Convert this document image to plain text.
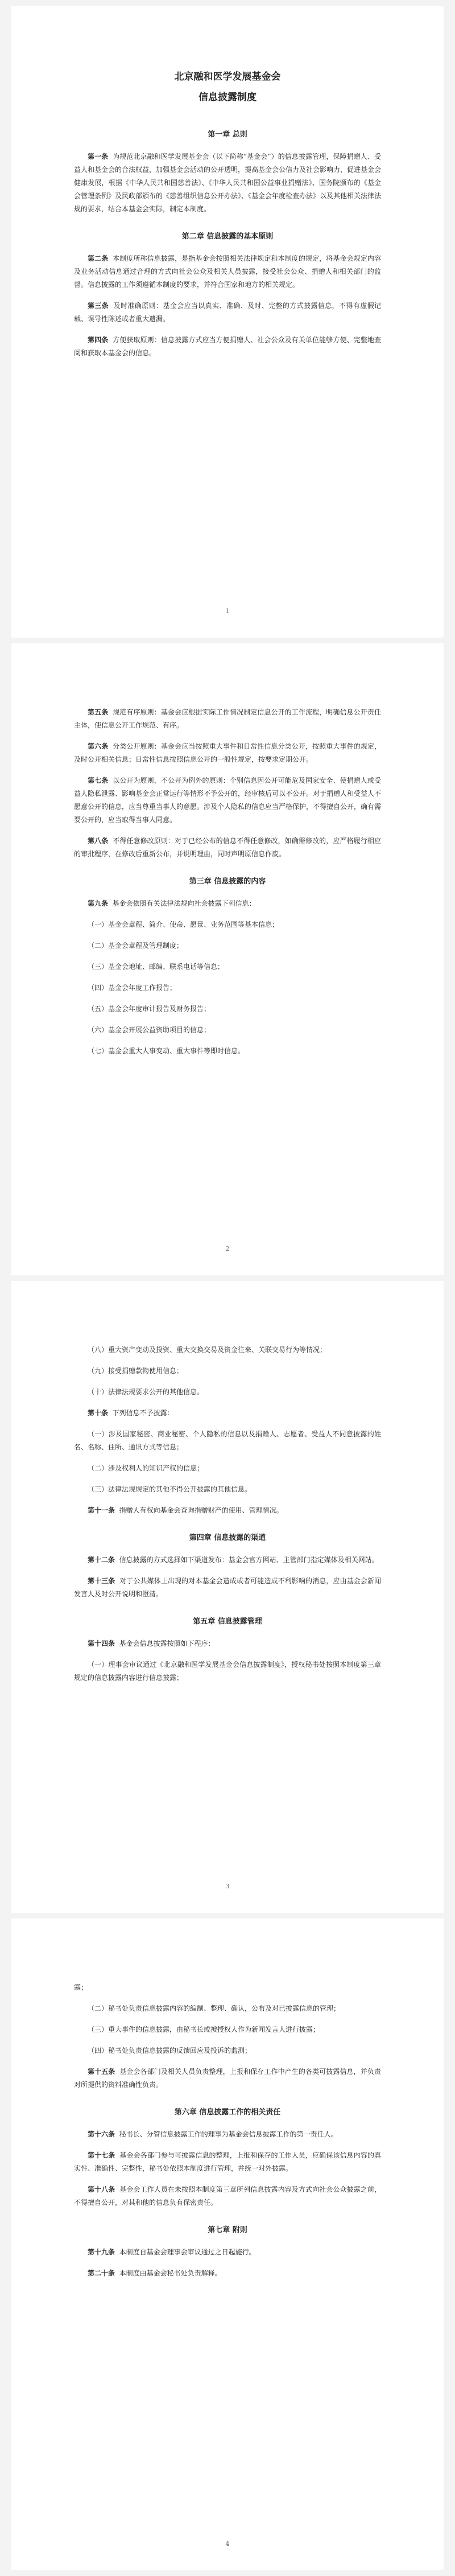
北京融和医学发展基金会
信息披露制度
第一章 总则

第一条 为规范北京融和医学发展基金会（以下简称“基金会”）的信息披露管理，保障捐赠人、受益人和基金会的合法权益，加强基金会活动的公开透明，提高基金会公信力及社会影响力，促进基金会健康发展，根据《中华人民共和国慈善法》、《中华人民共和国公益事业捐赠法》、国务院颁布的《基金会管理条例》及民政部颁布的《慈善组织信息公开办法》、《基金会年度检查办法》以及其他相关法律法规的要求，结合本基金会实际，制定本制度。

第二章 信息披露的基本原则

第二条 本制度所称信息披露，是指基金会按照相关法律规定和本制度的规定，将基金会规定内容及业务活动信息通过合理的方式向社会公众及相关人员披露，接受社会公众、捐赠人和相关部门的监督。信息披露的工作须遵循本制度的要求，并符合国家和地方的相关规定。

第三条 及时准确原则：基金会应当以真实、准确、及时、完整的方式披露信息，不得有虚假记载、误导性陈述或者重大遗漏。

第四条 方便获取原则：信息披露方式应当方便捐赠人、社会公众及有关单位能够方便、完整地查阅和获取本基金会的信息。

1

第五条 规范有序原则：基金会应根据实际工作情况制定信息公开的工作流程，明确信息公开责任主体，使信息公开工作规范、有序。

第六条 分类公开原则：基金会应当按照重大事件和日常性信息分类公开，按照重大事件的规定，及时公开相关信息；日常性信息按照信息公开的一般性规定，按要求定期公开。

第七条 以公开为原则，不公开为例外的原则：个别信息因公开可能危及国家安全、使捐赠人或受益人隐私泄露、影响基金会正常运行等情形不予公开的，经审核后可以不公开。对于捐赠人和受益人不愿意公开的信息，应当尊重当事人的意愿。涉及个人隐私的信息应当严格保护，不得擅自公开，确有需要公开的，应当取得当事人同意。

第八条 不得任意修改原则：对于已经公布的信息不得任意修改，如确需修改的，应严格履行相应的审批程序，在修改后重新公布，并说明理由，同时声明原信息作废。

第三章 信息披露的内容

第九条 基金会依照有关法律法规向社会披露下列信息：

（一）基金会章程、简介、使命、愿景、业务范围等基本信息；

（二）基金会章程及管理制度；

（三）基金会地址、邮编、联系电话等信息；

（四）基金会年度工作报告；

（五）基金会年度审计报告及财务报告；

（六）基金会开展公益资助项目的信息；

（七）基金会重大人事变动、重大事件等即时信息。

2

（八）重大资产变动及投资、重大交换交易及资金往来、关联交易行为等情况；

（九）接受捐赠款物使用信息；

（十）法律法规要求公开的其他信息。

第十条 下列信息不予披露：

（一）涉及国家秘密、商业秘密、个人隐私的信息以及捐赠人、志愿者、受益人不同意披露的姓名、名称、住所、通讯方式等信息；

（二）涉及权利人的知识产权的信息；

（三）法律法规规定的其他不得公开披露的其他信息。

第十一条 捐赠人有权向基金会查询捐赠财产的使用、管理情况。

第四章 信息披露的渠道

第十二条 信息披露的方式选择如下渠道发布：基金会官方网站、主管部门指定媒体及相关网站。

第十三条 对于公共媒体上出现的对本基金会造成或者可能造成不利影响的消息，应由基金会新闻发言人及时公开说明和澄清。

第五章 信息披露管理

第十四条 基金会信息披露按照如下程序：

（一）理事会审议通过《北京融和医学发展基金会信息披露制度》，授权秘书处按照本制度第三章规定的信息披露内容进行信息披露；

3

露；

（二）秘书处负责信息披露内容的编制、整理、确认，公布及对已披露信息的管理；

（三）重大事件的信息披露，由秘书长或被授权人作为新闻发言人进行披露；

（四）秘书处负责信息披露的反馈回应及投诉的监测；

第十五条 基金会各部门及相关人员负责整理，上报和保存工作中产生的各类可披露信息，并负责对所提供的资料准确性负责。

第六章 信息披露工作的相关责任

第十六条 秘书长、分管信息披露工作的理事为基金会信息披露工作的第一责任人。

第十七条 基金会各部门参与可披露信息的整理，上报和保存的工作人员，应确保该信息内容的真实性、准确性、完整性，秘书处依照本制度进行管理，并统一对外披露。

第十八条 基金会工作人员在未按照本制度第三章所列信息披露内容及方式向社会公众披露之前，不得擅自公开，对其和他的信息负有保密责任。

第七章 附则

第十九条 本制度自基金会理事会审议通过之日起施行。

第二十条 本制度由基金会秘书处负责解释。

4
